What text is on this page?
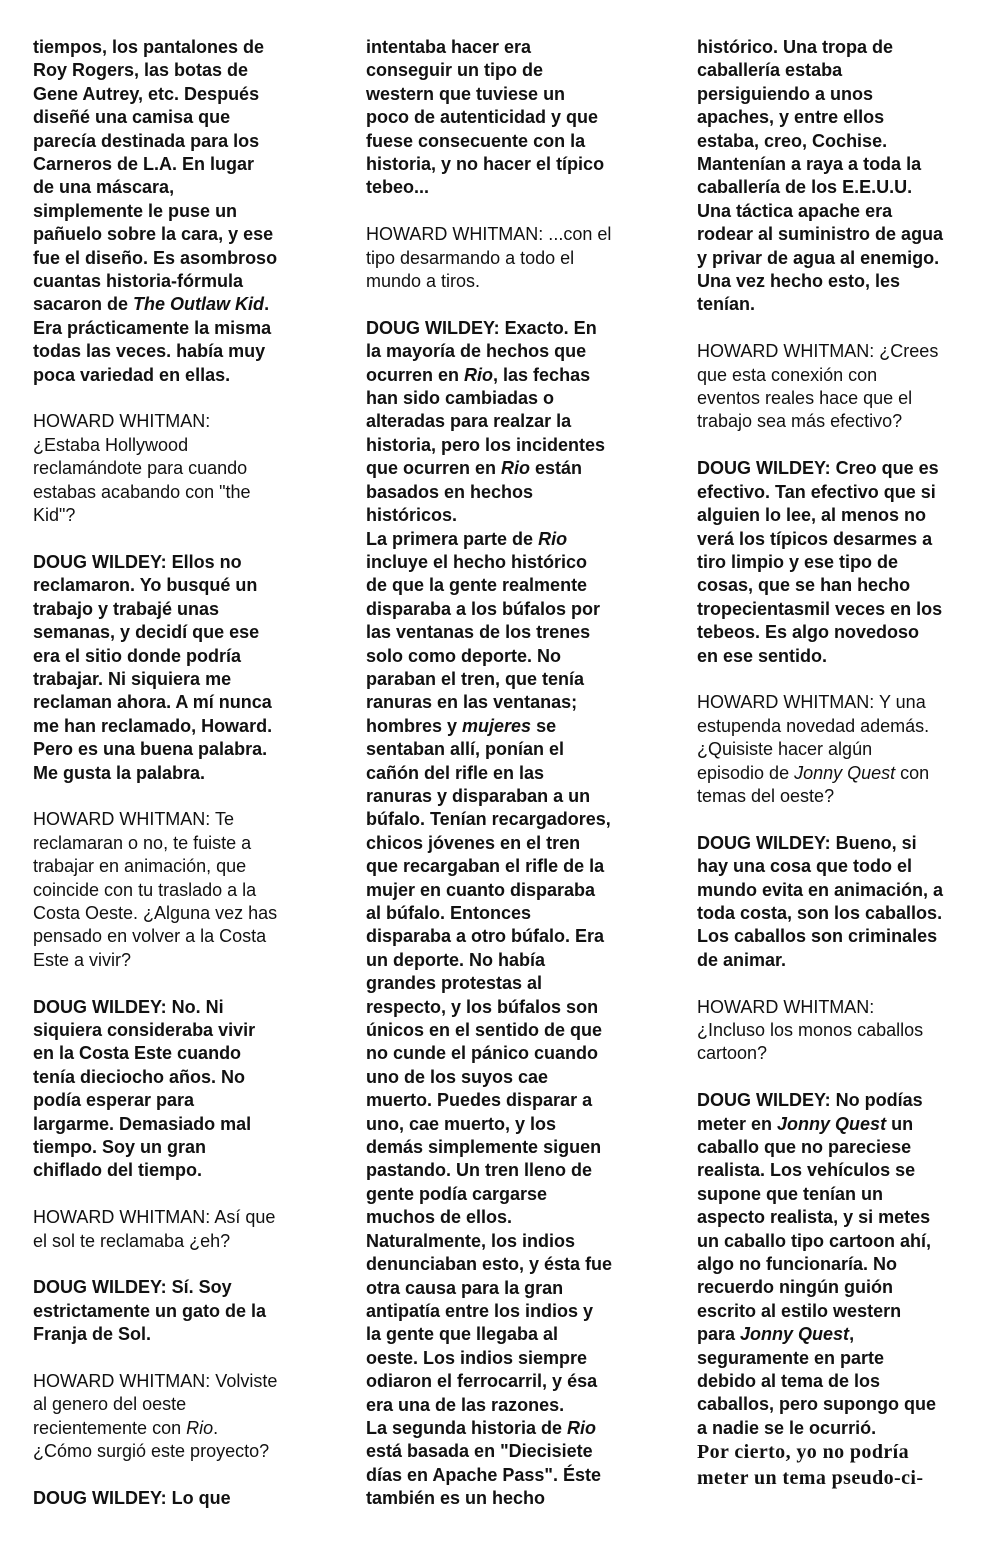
tiempos, los pantalones de
Roy Rogers, las botas de
Gene Autrey, etc. Después
diseñé una camisa que
parecía destinada para los
Carneros de L.A. En lugar
de una máscara,
simplemente le puse un
pañuelo sobre la cara, y ese
fue el diseño. Es asombroso
cuantas historia-fórmula
sacaron de The Outlaw Kid.
Era prácticamente la misma
todas las veces. había muy
poca variedad en ellas.

HOWARD WHITMAN:
¿Estaba Hollywood
reclamándote para cuando
estabas acabando con "the
Kid"?

DOUG WILDEY: Ellos no
reclamaron. Yo busqué un
trabajo y trabajé unas
semanas, y decidí que ese
era el sitio donde podría
trabajar. Ni siquiera me
reclaman ahora. A mí nunca
me han reclamado, Howard.
Pero es una buena palabra.
Me gusta la palabra.

HOWARD WHITMAN: Te
reclamaran o no, te fuiste a
trabajar en animación, que
coincide con tu traslado a la
Costa Oeste. ¿Alguna vez has
pensado en volver a la Costa
Este a vivir?

DOUG WILDEY: No. Ni
siquiera consideraba vivir
en la Costa Este cuando
tenía dieciocho años. No
podía esperar para
largarme. Demasiado mal
tiempo. Soy un gran
chiflado del tiempo.

HOWARD WHITMAN: Así que
el sol te reclamaba ¿eh?

DOUG WILDEY: Sí. Soy
estrictamente un gato de la
Franja de Sol.

HOWARD WHITMAN: Volviste
al genero del oeste
recientemente con Rio.
¿Cómo surgió este proyecto?

DOUG WILDEY: Lo que

intentaba hacer era
conseguir un tipo de
western que tuviese un
poco de autenticidad y que
fuese consecuente con la
historia, y no hacer el típico
tebeo...

HOWARD WHITMAN: ...con el
tipo desarmando a todo el
mundo a tiros.

DOUG WILDEY: Exacto. En
la mayoría de hechos que
ocurren en Rio, las fechas
han sido cambiadas o
alteradas para realzar la
historia, pero los incidentes
que ocurren en Rio están
basados en hechos
históricos.

La primera parte de Rio
incluye el hecho histórico
de que la gente realmente
disparaba a los búfalos por
las ventanas de los trenes
solo como deporte. No
paraban el tren, que tenía
ranuras en las ventanas;
hombres y mujeres se
sentaban allí, ponían el
cañón del rifle en las
ranuras y disparaban a un
búfalo. Tenían recargadores,
chicos jóvenes en el tren
que recargaban el rifle de la
mujer en cuanto disparaba
al búfalo. Entonces
disparaba a otro búfalo. Era
un deporte. No había
grandes protestas al
respecto, y los búfalos son
únicos en el sentido de que
no cunde el pánico cuando
uno de los suyos cae
muerto. Puedes disparar a
uno, cae muerto, y los
demás simplemente siguen
pastando. Un tren lleno de
gente podía cargarse
muchos de ellos.
Naturalmente, los indios
denunciaban esto, y ésta fue
otra causa para la gran
antipatía entre los indios y
la gente que llegaba al
oeste. Los indios siempre
odiaron el ferrocarril, y ésa
era una de las razones.

La segunda historia de Rio
está basada en "Diecisiete
días en Apache Pass". Éste
también es un hecho

histórico. Una tropa de
caballería estaba
persiguiendo a unos
apaches, y entre ellos
estaba, creo, Cochise.
Mantenían a raya a toda la
caballería de los E.E.U.U.
Una táctica apache era
rodear al suministro de agua
y privar de agua al enemigo.
Una vez hecho esto, les
tenían.

HOWARD WHITMAN: ¿Crees
que esta conexión con
eventos reales hace que el
trabajo sea más efectivo?

DOUG WILDEY: Creo que es
efectivo. Tan efectivo que si
alguien lo lee, al menos no
verá los típicos desarmes a
tiro limpio y ese tipo de
cosas, que se han hecho
tropecientasmil veces en los
tebeos. Es algo novedoso
en ese sentido.

HOWARD WHITMAN: Y una
estupenda novedad además.
¿Quisiste hacer algún
episodio de Jonny Quest con
temas del oeste?

DOUG WILDEY: Bueno, si
hay una cosa que todo el
mundo evita en animación, a
toda costa, son los caballos.
Los caballos son criminales
de animar.

HOWARD WHITMAN:
¿Incluso los monos caballos
cartoon?

DOUG WILDEY: No podías
meter en Jonny Quest un
caballo que no pareciese
realista. Los vehículos se
supone que tenían un
aspecto realista, y si metes
un caballo tipo cartoon ahí,
algo no funcionaría. No
recuerdo ningún guión
escrito al estilo western
para Jonny Quest,
seguramente en parte
debido al tema de los
caballos, pero supongo que
a nadie se le ocurrió.

Por cierto, yo no podría
meter un tema pseudo-ci-
